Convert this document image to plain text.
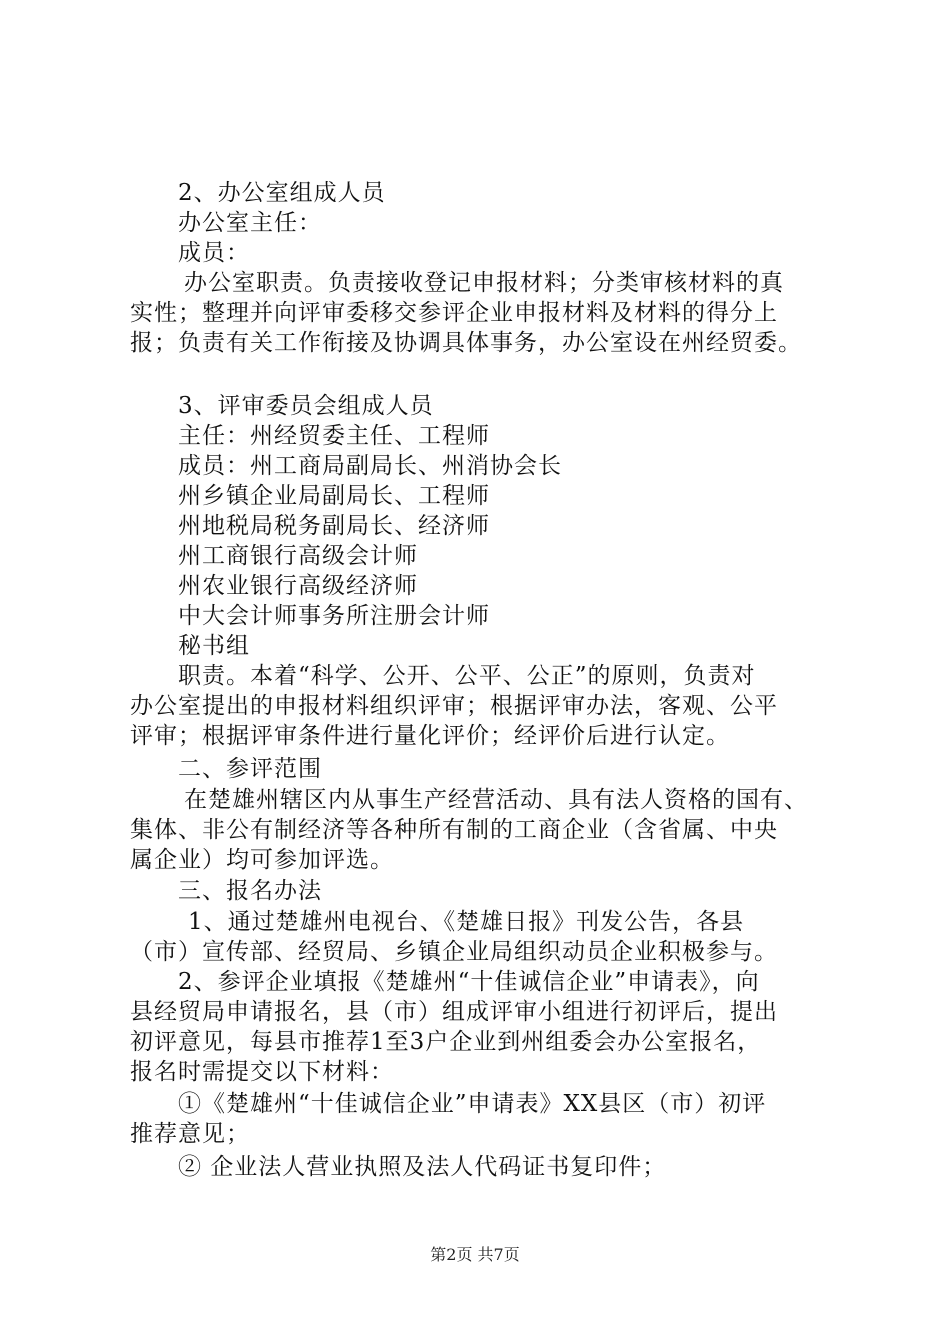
2、办公室组成人员
办公室主任：
成员：
办公室职责。负责接收登记申报材料；分类审核材料的真
实性；整理并向评审委移交参评企业申报材料及材料的得分上
报；负责有关工作衔接及协调具体事务，办公室设在州经贸委。
3、评审委员会组成人员
主任：州经贸委主任、工程师
成员：州工商局副局长、州消协会长
州乡镇企业局副局长、工程师
州地税局税务副局长、经济师
州工商银行高级会计师
州农业银行高级经济师
中大会计师事务所注册会计师
秘书组
职责。本着“科学、公开、公平、公正”的原则，负责对
办公室提出的申报材料组织评审；根据评审办法，客观、公平
评审；根据评审条件进行量化评价；经评价后进行认定。
二、参评范围
在楚雄州辖区内从事生产经营活动、具有法人资格的国有、
集体、非公有制经济等各种所有制的工商企业（含省属、中央
属企业）均可参加评选。
三、报名办法
1、通过楚雄州电视台、《楚雄日报》刊发公告，各县
（市）宣传部、经贸局、乡镇企业局组织动员企业积极参与。
2、参评企业填报《楚雄州“十佳诚信企业”申请表》，向
县经贸局申请报名，县（市）组成评审小组进行初评后，提出
初评意见，每县市推荐1至3户企业到州组委会办公室报名，
报名时需提交以下材料：
①《楚雄州“十佳诚信企业”申请表》XX县区（市）初评
推荐意见；
② 企业法人营业执照及法人代码证书复印件；
第2页 共7页
